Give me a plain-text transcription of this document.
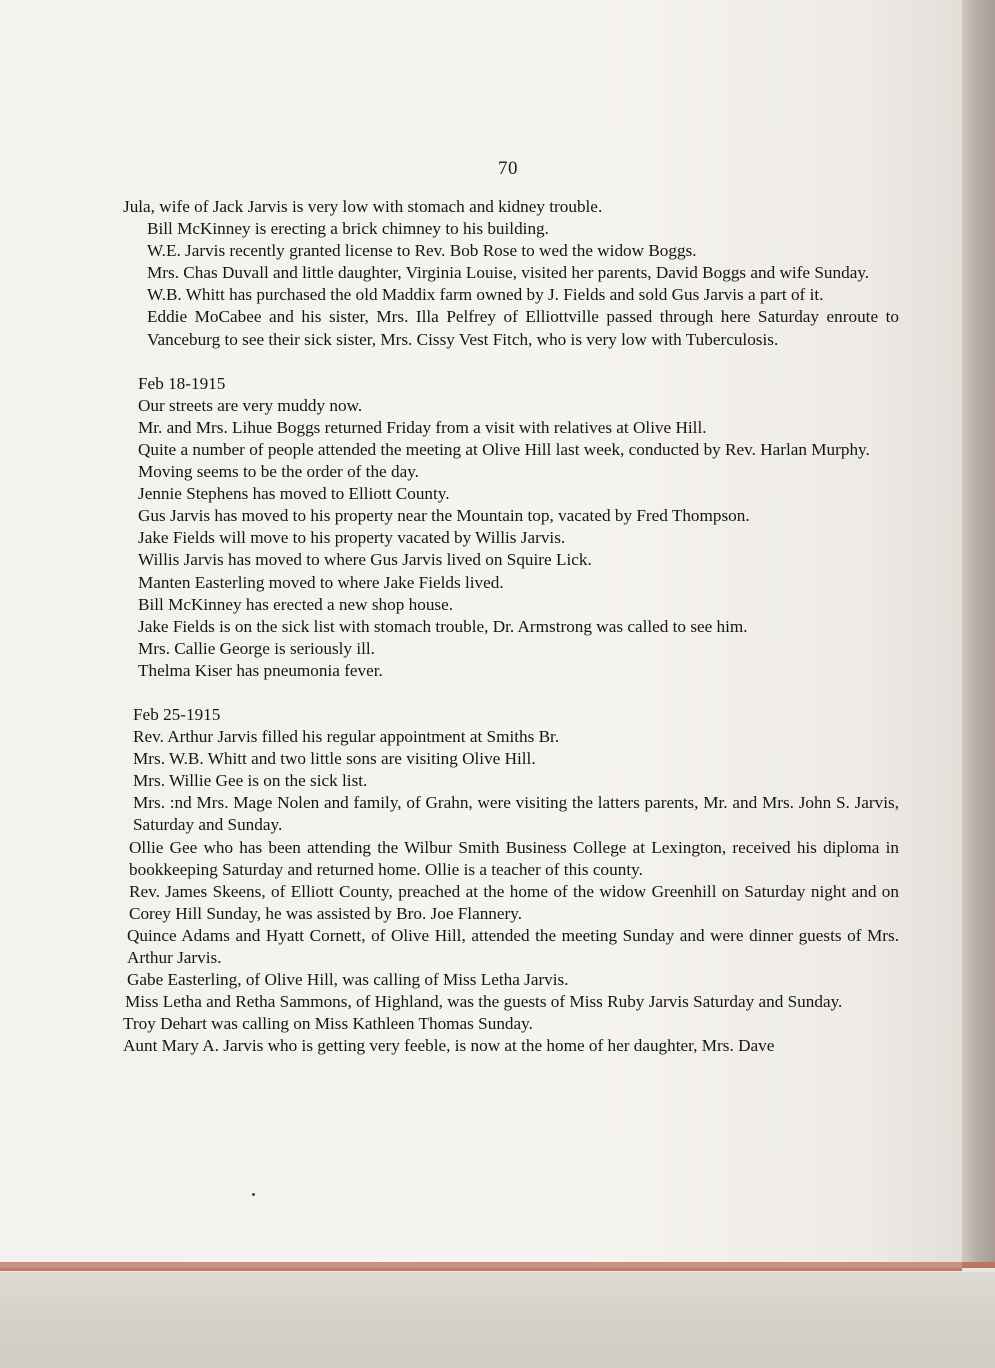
70

Jula, wife of Jack Jarvis is very low with stomach and kidney trouble.

Bill McKinney is erecting a brick chimney to his building.

W.E. Jarvis recently granted license to Rev. Bob Rose to wed the widow Boggs.

Mrs. Chas Duvall and little daughter, Virginia Louise, visited her parents, David Boggs and wife Sunday.

W.B. Whitt has purchased the old Maddix farm owned by J. Fields and sold Gus Jarvis a part of it.

Eddie MoCabee and his sister, Mrs. Illa Pelfrey of Elliottville passed through here Saturday enroute to Vanceburg to see their sick sister, Mrs. Cissy Vest Fitch, who is very low with Tuberculosis.

Feb 18-1915

Our streets are very muddy now.

Mr. and Mrs. Lihue Boggs returned Friday from a visit with relatives at Olive Hill.

Quite a number of people attended the meeting at Olive Hill last week, conducted by Rev. Harlan Murphy.

Moving seems to be the order of the day.

Jennie Stephens has moved to Elliott County.

Gus Jarvis has moved to his property near the Mountain top, vacated by Fred Thompson.

Jake Fields will move to his property vacated by Willis Jarvis.

Willis Jarvis has moved to where Gus Jarvis lived on Squire Lick.

Manten Easterling moved to where Jake Fields lived.

Bill McKinney has erected a new shop house.

Jake Fields is on the sick list with stomach trouble, Dr. Armstrong was called to see him.

Mrs. Callie George is seriously ill.

Thelma Kiser has pneumonia fever.

Feb 25-1915

Rev. Arthur Jarvis filled his regular appointment at Smiths Br.

Mrs. W.B. Whitt and two little sons are visiting Olive Hill.

Mrs. Willie Gee is on the sick list.

Mrs. :nd Mrs. Mage Nolen and family, of Grahn, were visiting the latters parents, Mr. and Mrs. John S. Jarvis, Saturday and Sunday.

Ollie Gee who has been attending the Wilbur Smith Business College at Lexington, received his diploma in bookkeeping Saturday and returned home. Ollie is a teacher of this county.

Rev. James Skeens, of Elliott County, preached at the home of the widow Greenhill on Saturday night and on Corey Hill Sunday, he was assisted by Bro. Joe Flannery.

Quince Adams and Hyatt Cornett, of Olive Hill, attended the meeting Sunday and were dinner guests of Mrs. Arthur Jarvis.

Gabe Easterling, of Olive Hill, was calling of Miss Letha Jarvis.

Miss Letha and Retha Sammons, of Highland, was the guests of Miss Ruby Jarvis Saturday and Sunday.

Troy Dehart was calling on Miss Kathleen Thomas Sunday.

Aunt Mary A. Jarvis who is getting very feeble, is now at the home of her daughter, Mrs. Dave
